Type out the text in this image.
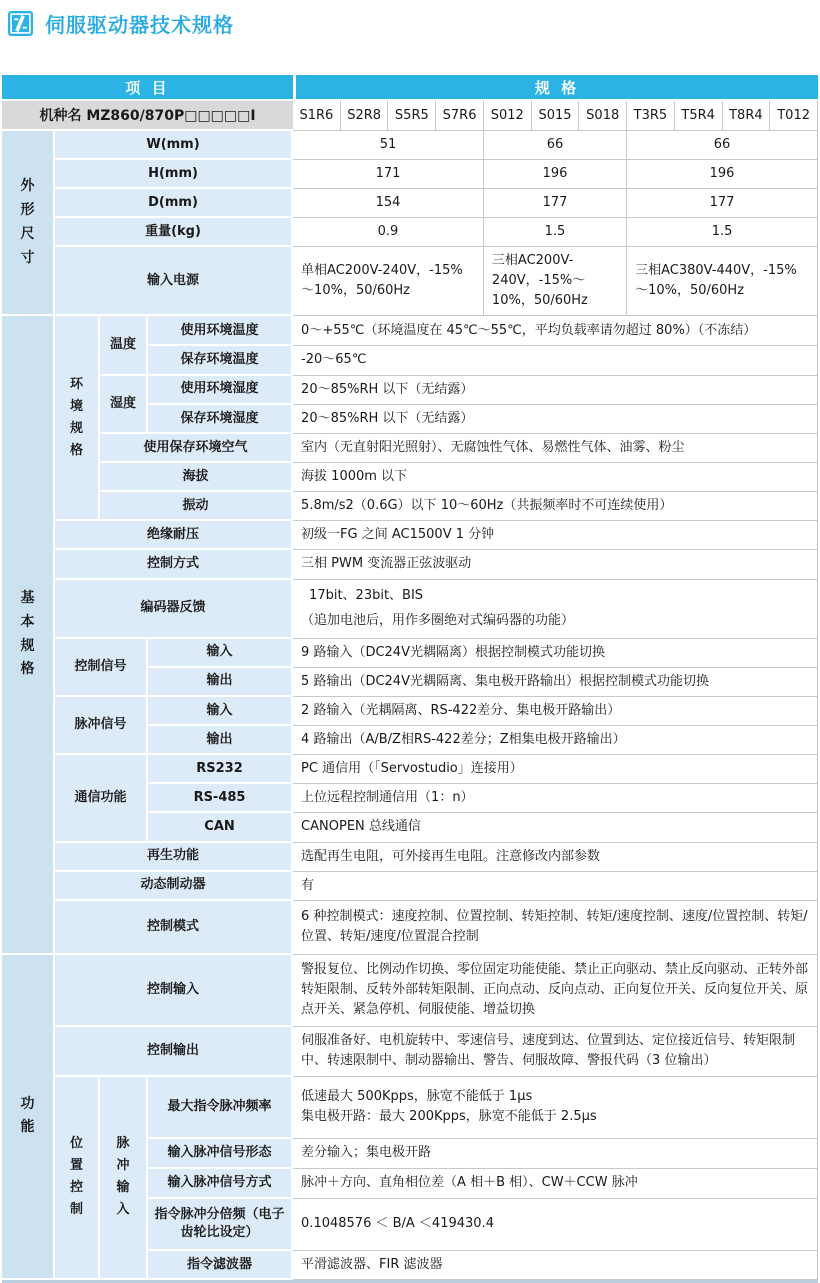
伺服驱动器技术规格
项 目				规 格										
机种名 MZ860/870P□□□□□I				S1R6	S2R8	S5R5	S7R6	S012	S015	S018	T3R5	T5R4	T8R4	T012

外形尺寸	W(mm)			51				66			66			
	H(mm)			171				196			196			
	D(mm)			154				177			177			
	重量(kg)			0.9				1.5			1.5			
	输入电源			单相AC200V-240V，-15%～10%，50/60Hz				三相AC200V-240V，-15%～10%，50/60Hz			三相AC380V-440V，-15%～10%，50/60Hz			

基本规格	环境规格	温度	使用环境温度	0～+55℃（环境温度在 45℃～55℃，平均负载率请勿超过 80%）（不冻结）										
			保存环境温度	-20～65℃										
		湿度	使用环境湿度	20～85%RH 以下（无结露）										
			保存环境湿度	20～85%RH 以下（无结露）										
		使用保存环境空气		室内（无直射阳光照射）、无腐蚀性气体、易燃性气体、油雾、粉尘										
		海拔		海拔 1000m 以下										
		振动		5.8m/s2（0.6G）以下 10～60Hz（共振频率时不可连续使用）										
	绝缘耐压			初级一FG 之间 AC1500V 1 分钟										
	控制方式			三相 PWM 变流器正弦波驱动										
	编码器反馈			17bit、23bit、BIS
（追加电池后，用作多圈绝对式编码器的功能）										

	控制信号		输入	9 路输入（DC24V光耦隔离）根据控制模式功能切换										
			输出	5 路输出（DC24V光耦隔离、集电极开路输出）根据控制模式功能切换										
	脉冲信号		输入	2 路输入（光耦隔离、RS-422差分、集电极开路输出）										
			输出	4 路输出（A/B/Z相RS-422差分；Z相集电极开路输出）										
	通信功能		RS232	PC 通信用（「Servostudio」连接用）										
			RS-485	上位远程控制通信用（1：n）										
			CAN	CANOPEN 总线通信										
	再生功能			选配再生电阻，可外接再生电阻。注意修改内部参数										
	动态制动器			有										
	控制模式			6 种控制模式：速度控制、位置控制、转矩控制、转矩/速度控制、速度/位置控制、转矩/位置、转矩/速度/位置混合控制										

功能	控制输入			警报复位、比例动作切换、零位固定功能使能、禁止正向驱动、禁止反向驱动、正转外部转矩限制、反转外部转矩限制、正向点动、反向点动、正向复位开关、反向复位开关、原点开关、紧急停机、伺服使能、增益切换										
	控制输出			伺服准备好、电机旋转中、零速信号、速度到达、位置到达、定位接近信号、转矩限制中、转速限制中、制动器输出、警告、伺服故障、警报代码（3 位输出）										

	位置控制	脉冲输入	最大指令脉冲频率	低速最大 500Kpps，脉宽不能低于 1μs
集电极开路：最大 200Kpps，脉宽不能低于 2.5μs										

			输入脉冲信号形态	差分输入；集电极开路										
			输入脉冲信号方式	脉冲＋方向、直角相位差（A 相＋B 相）、CW＋CCW 脉冲										
			指令脉冲分倍频（电子齿轮比设定）	0.1048576 ＜ B/A ＜419430.4										
			指令滤波器	平滑滤波器、FIR 滤波器										
